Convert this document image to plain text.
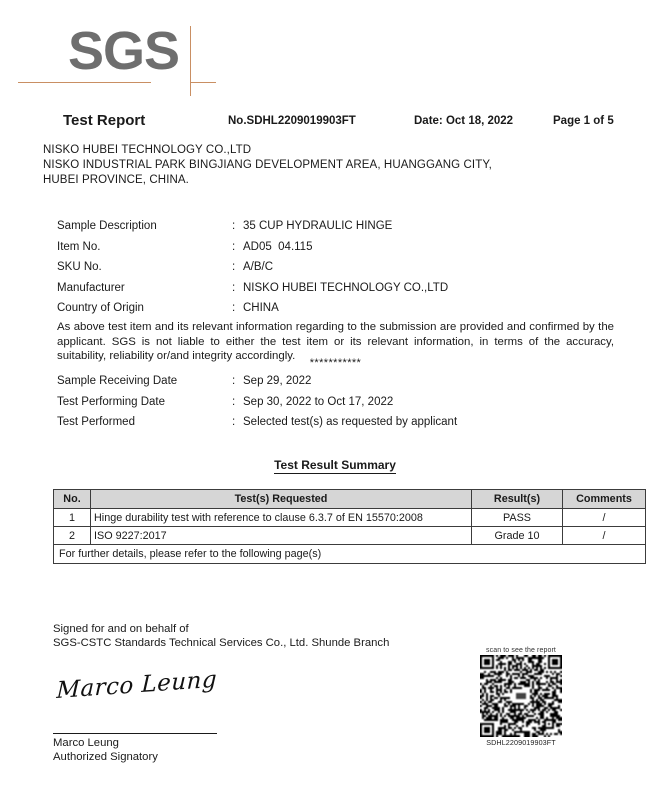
SGS
Test Report	No.SDHL2209019903FT	Date: Oct 18, 2022	Page 1 of 5
NISKO HUBEI TECHNOLOGY CO.,LTD
NISKO INDUSTRIAL PARK BINGJIANG DEVELOPMENT AREA, HUANGGANG CITY,
HUBEI PROVINCE, CHINA.
Sample Description	: 35 CUP HYDRAULIC HINGE
Item No.	: AD05  04.115
SKU No.	: A/B/C
Manufacturer	: NISKO HUBEI TECHNOLOGY CO.,LTD
Country of Origin	: CHINA
As above test item and its relevant information regarding to the submission are provided and confirmed by the applicant. SGS is not liable to either the test item or its relevant information, in terms of the accuracy, suitability, reliability or/and integrity accordingly.
***********
Sample Receiving Date	: Sep 29, 2022
Test Performing Date	: Sep 30, 2022 to Oct 17, 2022
Test Performed	: Selected test(s) as requested by applicant
Test Result Summary
No.	Test(s) Requested	Result(s)	Comments
1	Hinge durability test with reference to clause 6.3.7 of EN 15570:2008	PASS	/
2	ISO 9227:2017	Grade 10	/
For further details, please refer to the following page(s)			
Signed for and on behalf of
SGS-CSTC Standards Technical Services Co., Ltd. Shunde Branch
Marco Leung
Marco Leung
Authorized Signatory
scan to see the report
SDHL2209019903FT
